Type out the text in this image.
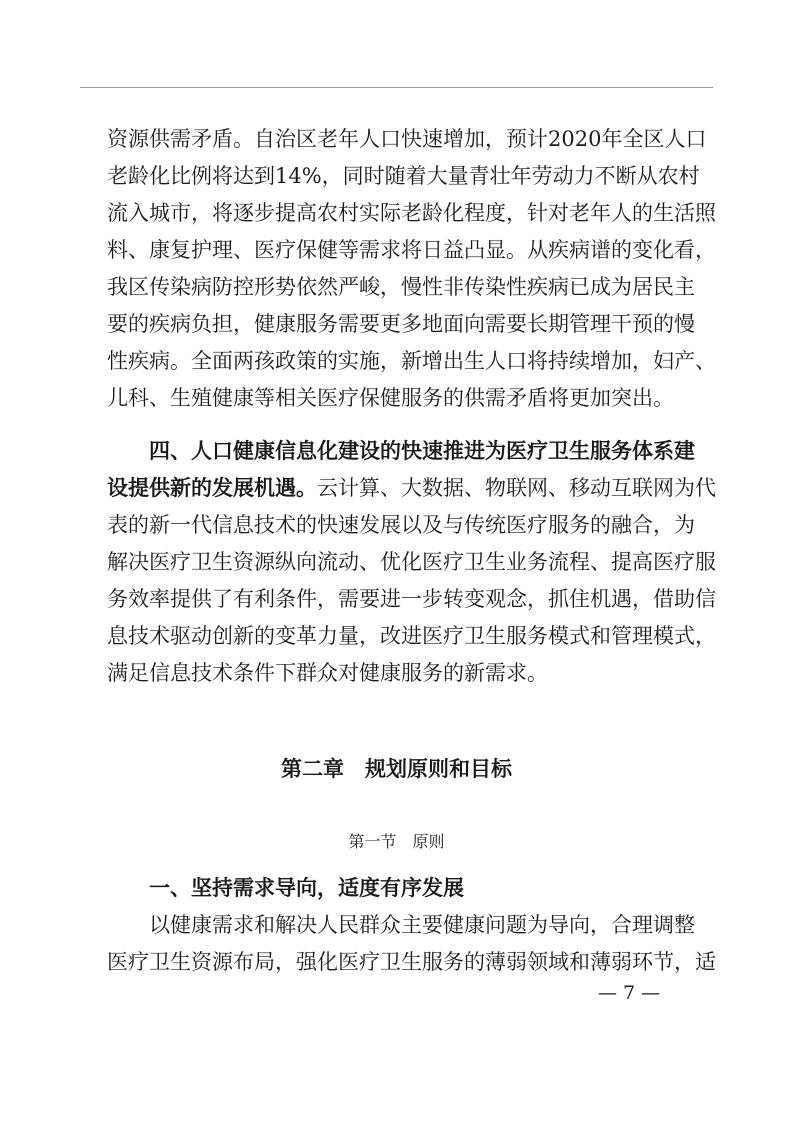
资源供需矛盾。自治区老年人口快速增加，预计2020年全区人口
老龄化比例将达到14%，同时随着大量青壮年劳动力不断从农村
流入城市，将逐步提高农村实际老龄化程度，针对老年人的生活照
料、康复护理、医疗保健等需求将日益凸显。从疾病谱的变化看，
我区传染病防控形势依然严峻，慢性非传染性疾病已成为居民主
要的疾病负担，健康服务需要更多地面向需要长期管理干预的慢
性疾病。全面两孩政策的实施，新增出生人口将持续增加，妇产、
儿科、生殖健康等相关医疗保健服务的供需矛盾将更加突出。
四、人口健康信息化建设的快速推进为医疗卫生服务体系建
设提供新的发展机遇。云计算、大数据、物联网、移动互联网为代
表的新一代信息技术的快速发展以及与传统医疗服务的融合，为
解决医疗卫生资源纵向流动、优化医疗卫生业务流程、提高医疗服
务效率提供了有利条件，需要进一步转变观念，抓住机遇，借助信
息技术驱动创新的变革力量，改进医疗卫生服务模式和管理模式，
满足信息技术条件下群众对健康服务的新需求。
第二章　规划原则和目标
第一节　原则
一、坚持需求导向，适度有序发展
以健康需求和解决人民群众主要健康问题为导向，合理调整
医疗卫生资源布局，强化医疗卫生服务的薄弱领域和薄弱环节，适
— 7 —
